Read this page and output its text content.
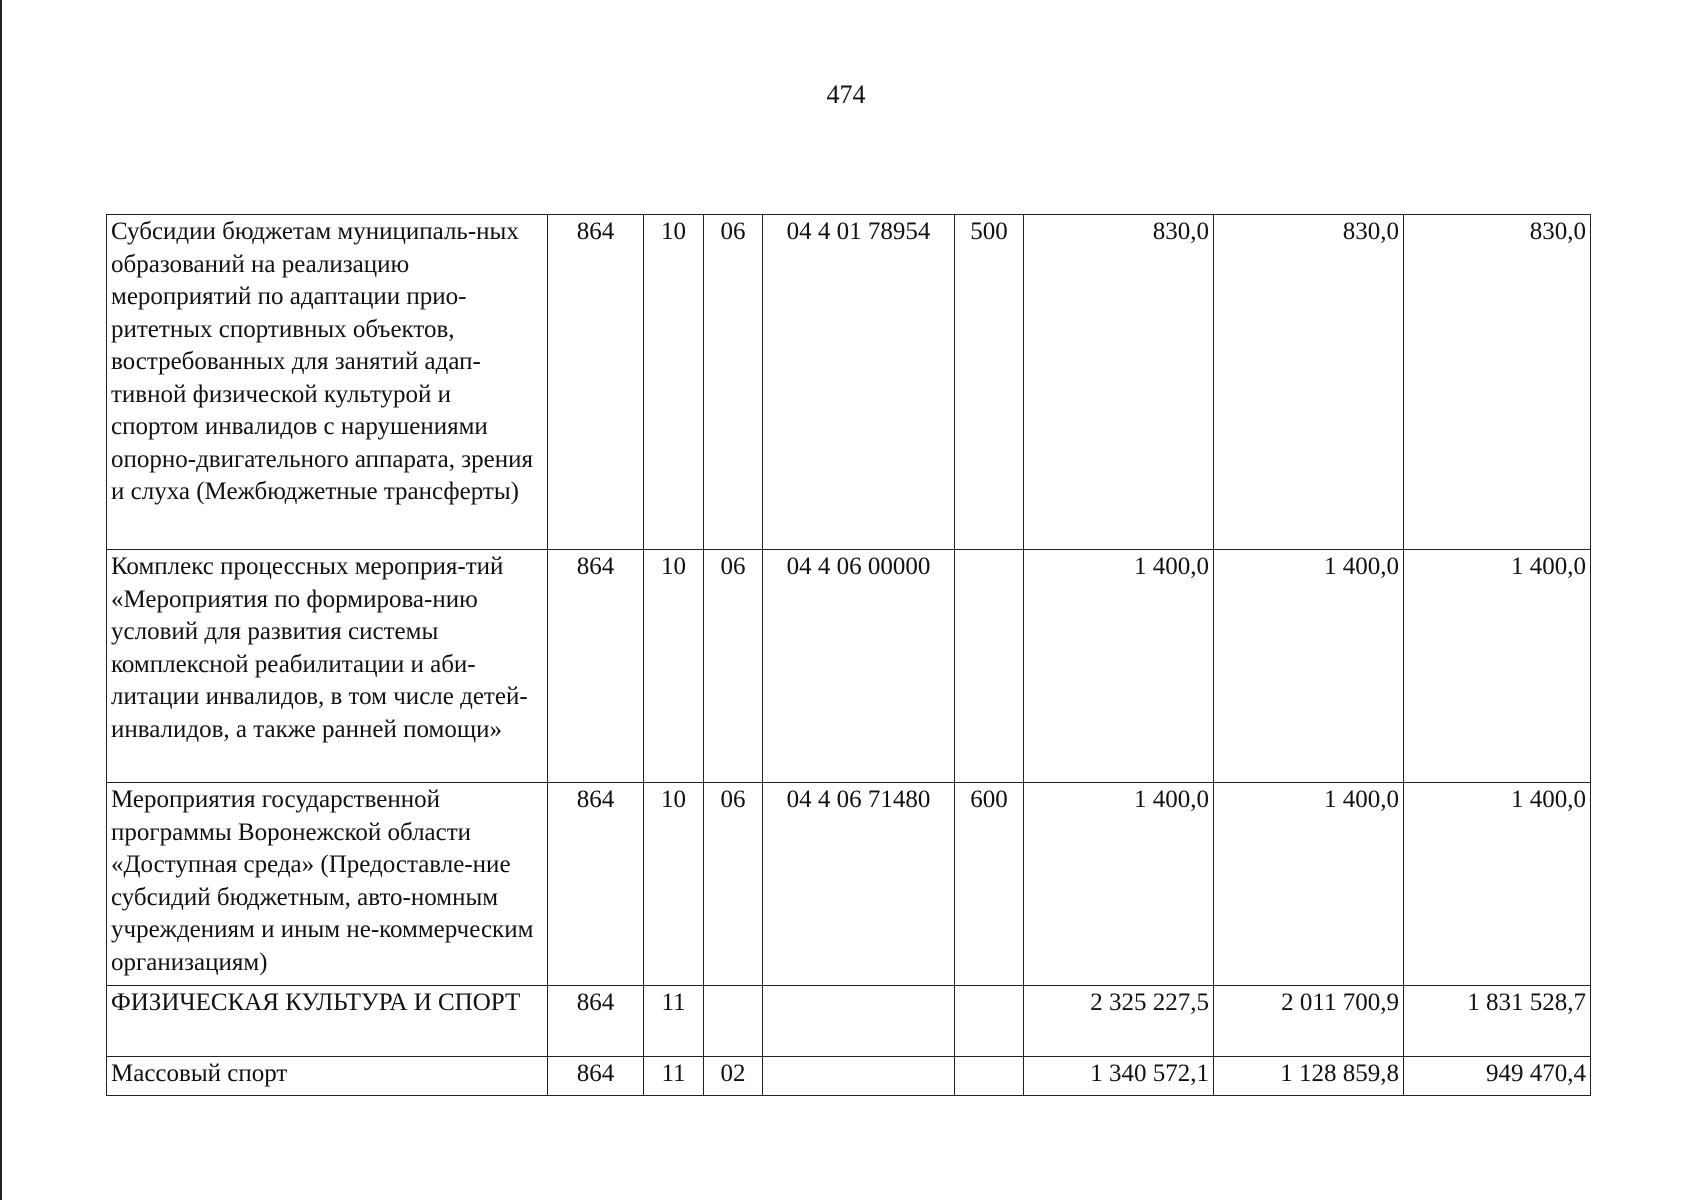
474
Субсидии бюджетам муниципаль-ных образований на реализацию мероприятий по адаптации прио-ритетных спортивных объектов, востребованных для занятий адап-тивной физической культурой и спортом инвалидов с нарушениями опорно-двигательного аппарата, зрения и слуха (Межбюджетные трансферты)	864	10	06	04 4 01 78954	500	830,0	830,0	830,0
Комплекс процессных мероприя-тий «Мероприятия по формирова-нию условий для развития системы комплексной реабилитации и аби-литации инвалидов, в том числе детей-инвалидов, а также ранней помощи»	864	10	06	04 4 06 00000		1 400,0	1 400,0	1 400,0
Мероприятия государственной программы Воронежской области «Доступная среда» (Предоставле-ние субсидий бюджетным, авто-номным учреждениям и иным не-коммерческим организациям)	864	10	06	04 4 06 71480	600	1 400,0	1 400,0	1 400,0
ФИЗИЧЕСКАЯ КУЛЬТУРА И СПОРТ	864	11				2 325 227,5	2 011 700,9	1 831 528,7
Массовый спорт	864	11	02			1 340 572,1	1 128 859,8	949 470,4
